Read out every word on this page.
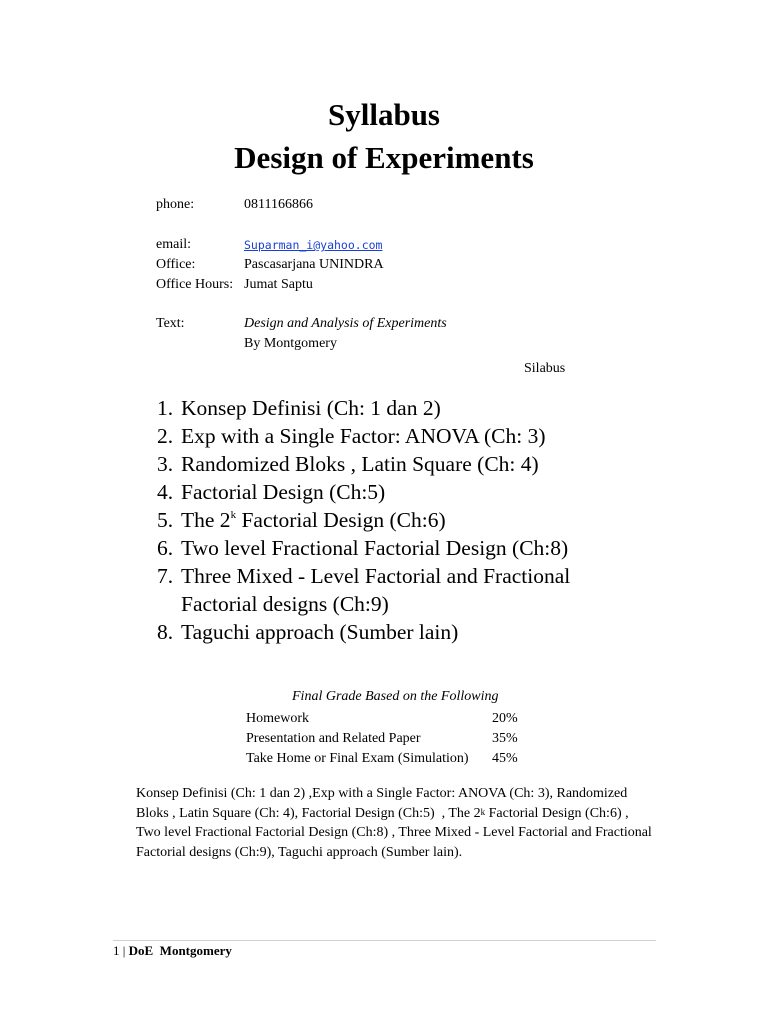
Syllabus
Design of Experiments
phone:	0811166866
email:	Suparman_i@yahoo.com
Office:	Pascasarjana UNINDRA
Office Hours: Jumat Saptu
Text:	Design and Analysis of Experiments
By Montgomery
Silabus
1. Konsep Definisi (Ch: 1 dan 2)
2. Exp with a Single Factor: ANOVA (Ch: 3)
3. Randomized Bloks , Latin Square (Ch: 4)
4. Factorial Design (Ch:5)
5. The 2$^k$ Factorial Design (Ch:6)
6. Two level Fractional Factorial Design (Ch:8)
7. Three Mixed - Level Factorial and Fractional
Factorial designs (Ch:9)
8. Taguchi approach (Sumber lain)
Final Grade Based on the Following
Homework	20%
Presentation and Related Paper	35%
Take Home or Final Exam (Simulation) 45%
Konsep Definisi (Ch: 1 dan 2) ,Exp with a Single Factor: ANOVA (Ch: 3), Randomized Bloks , Latin Square (Ch: 4), Factorial Design (Ch:5)  , The 2$^k$ Factorial Design (Ch:6) , Two level Fractional Factorial Design (Ch:8) , Three Mixed - Level Factorial and Fractional Factorial designs (Ch:9), Taguchi approach (Sumber lain).
1 | DoE  Montgomery
